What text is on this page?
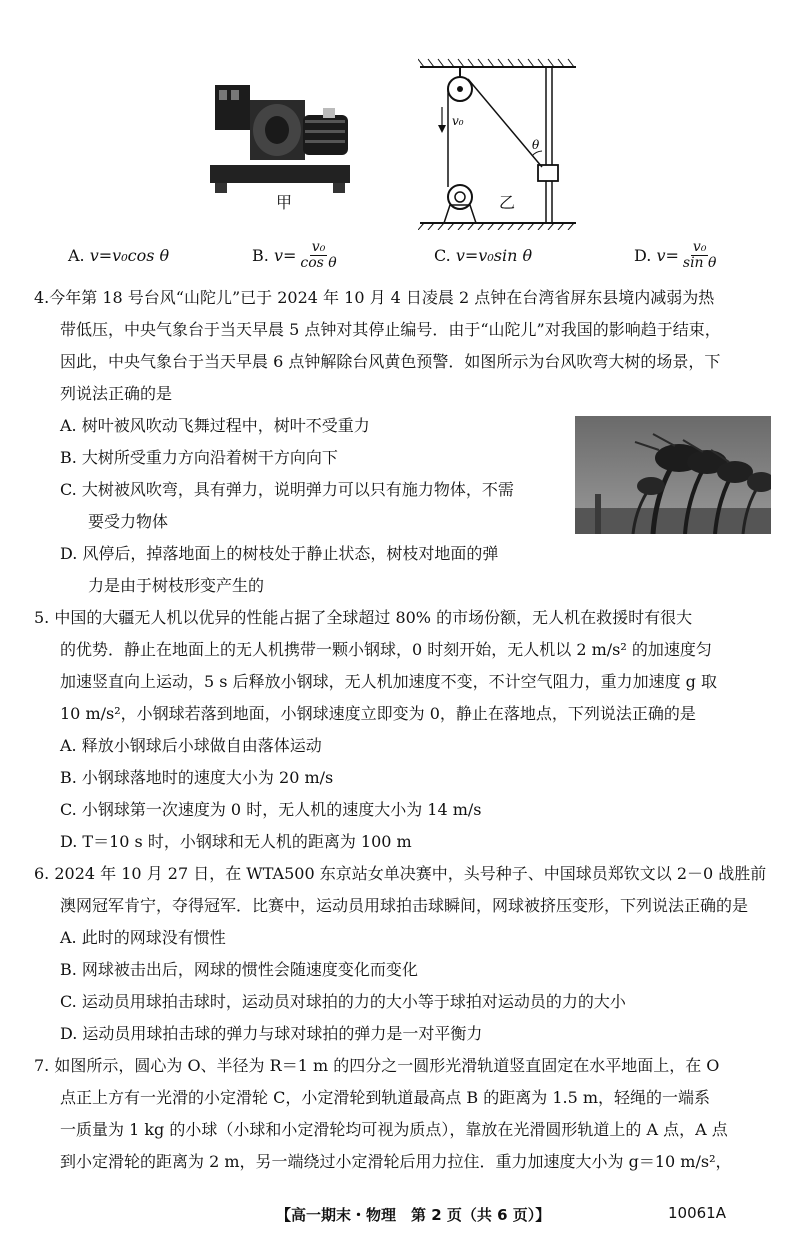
v₀
θ
甲	乙
A.
v=v₀cos θ	B.
$v= \frac{\text{v₀}}{\text{cos θ}}$	C.
v=v₀sin θ	D.
$v= \frac{\text{v₀}}{\text{sin θ}}$

4.今年第 18 号台风“山陀儿”已于 2024 年 10 月 4 日凌晨 2 点钟在台湾省屏东县境内减弱为热

带低压，中央气象台于当天早晨 5 点钟对其停止编号．由于“山陀儿”对我国的影响趋于结束，

因此，中央气象台于当天早晨 6 点钟解除台风黄色预警．如图所示为台风吹弯大树的场景，下

列说法正确的是

A. 树叶被风吹动飞舞过程中，树叶不受重力

B. 大树所受重力方向沿着树干方向向下

C. 大树被风吹弯，具有弹力，说明弹力可以只有施力物体，不需

要受力物体

D. 风停后，掉落地面上的树枝处于静止状态，树枝对地面的弹

力是由于树枝形变产生的

5. 中国的大疆无人机以优异的性能占据了全球超过 80% 的市场份额，无人机在救援时有很大

的优势．静止在地面上的无人机携带一颗小钢球，0 时刻开始，无人机以 2 m/s² 的加速度匀

加速竖直向上运动，5 s 后释放小钢球，无人机加速度不变，不计空气阻力，重力加速度 g 取

10 m/s²，小钢球若落到地面，小钢球速度立即变为 0，静止在落地点，下列说法正确的是

A. 释放小钢球后小球做自由落体运动

B. 小钢球落地时的速度大小为 20 m/s

C. 小钢球第一次速度为 0 时，无人机的速度大小为 14 m/s

D. T＝10 s 时，小钢球和无人机的距离为 100 m

6. 2024 年 10 月 27 日，在 WTA500 东京站女单决赛中，头号种子、中国球员郑钦文以 2－0 战胜前

澳网冠军肯宁，夺得冠军．比赛中，运动员用球拍击球瞬间，网球被挤压变形，下列说法正确的是

A. 此时的网球没有惯性

B. 网球被击出后，网球的惯性会随速度变化而变化

C. 运动员用球拍击球时，运动员对球拍的力的大小等于球拍对运动员的力的大小

D. 运动员用球拍击球的弹力与球对球拍的弹力是一对平衡力

7. 如图所示，圆心为 O、半径为 R＝1 m 的四分之一圆形光滑轨道竖直固定在水平地面上，在 O

点正上方有一光滑的小定滑轮 C，小定滑轮到轨道最高点 B 的距离为 1.5 m，轻绳的一端系

一质量为 1 kg 的小球（小球和小定滑轮均可视为质点），靠放在光滑圆形轨道上的 A 点，A 点

到小定滑轮的距离为 2 m，另一端绕过小定滑轮后用力拉住．重力加速度大小为 g＝10 m/s²，

【高一期末・物理　第 2 页（共 6 页）】	10061A
